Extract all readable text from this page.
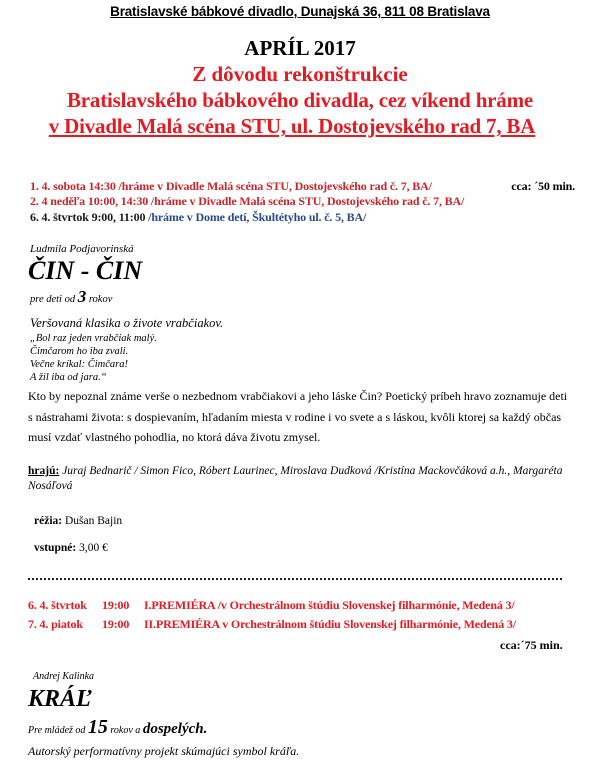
Bratislavské bábkové divadlo, Dunajská 36, 811 08 Bratislava
APRÍL 2017
Z dôvodu rekonštrukcie
Bratislavského bábkového divadla, cez víkend hráme
v Divadle Malá scéna STU, ul. Dostojevského rad 7, BA
1. 4. sobota 14:30 /hráme v Divadle Malá scéna STU, Dostojevského rad č. 7, BA/	cca: ´50 min.
2. 4 neděľa 10:00, 14:30 /hráme v Divadle Malá scéna STU, Dostojevského rad č. 7, BA/
6. 4. štvrtok 9:00, 11:00 /hráme v Dome detí, Škultétyho ul. č. 5, BA/
Ludmila Podjavorinská
ČIN - ČIN
pre deti od 3 rokov
Veršovaná klasika o živote vrabčiakov.
„Bol raz jeden vrabčiak malý.
Čimčarom ho iba zvali.
Večne kríkal: Čimčara!
A žil iba od jara.“
Kto by nepoznal známe verše o nezbednom vrabčiakovi a jeho láske Čin? Poetický príbeh hravo zoznamuje deti s nástrahami života: s dospievaním, hľadaním miesta v rodine i vo svete a s láskou, kvôli ktorej sa každý občas musí vzdať vlastného pohodlia, no ktorá dáva životu zmysel.
hrajú: Juraj Bednarič / Simon Fico, Róbert Laurinec, Miroslava Dudková /Kristína Mackovčáková a.h., Margaréta Nosáľová
réžia: Dušan Bajin
vstupné: 3,00 €
6. 4. štvrtok 19:00 I.PREMIÉRA /v Orchestrálnom štúdiu Slovenskej filharmónie, Medená 3/
7. 4. piatok 19:00 II.PREMIÉRA v Orchestrálnom štúdiu Slovenskej filharmónie, Medená 3/
cca:´75 min.
Andrej Kalinka
KRÁĽ
Pre mládež od 15 rokov a dospelých.
Autorský performatívny projekt skúmajúci symbol kráľa.
